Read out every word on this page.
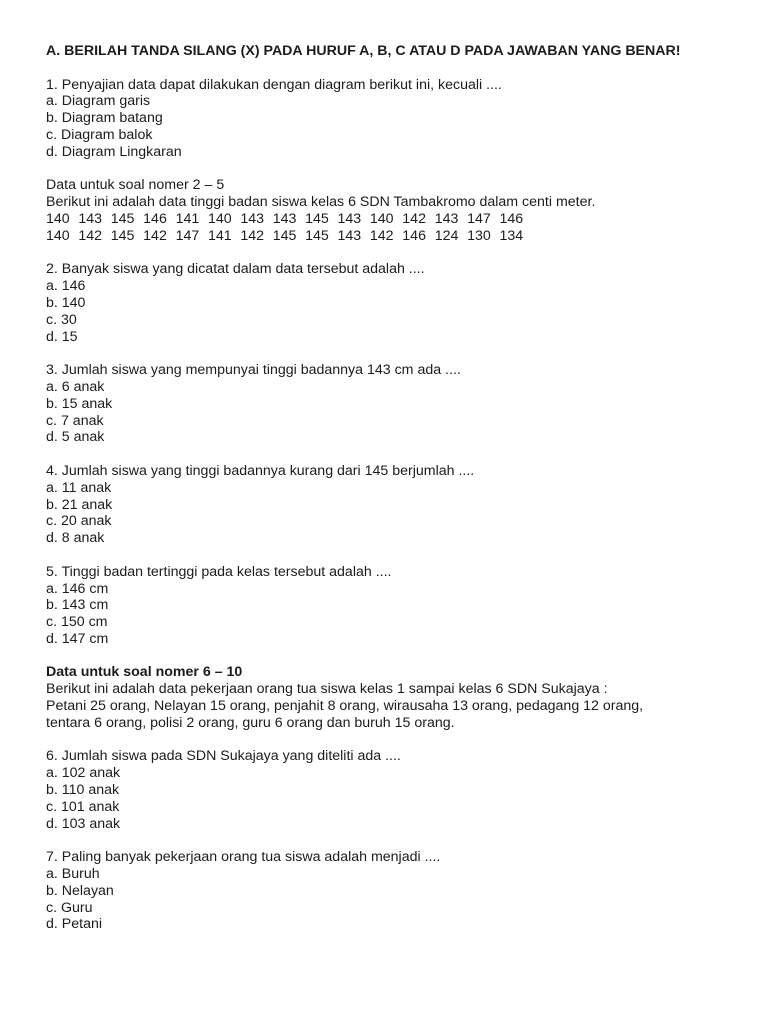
A. BERILAH TANDA SILANG (X) PADA HURUF A, B, C ATAU D PADA JAWABAN YANG BENAR!

1. Penyajian data dapat dilakukan dengan diagram berikut ini, kecuali ....
a. Diagram garis
b. Diagram batang
c. Diagram balok
d. Diagram Lingkaran
Data untuk soal nomer 2 – 5
Berikut ini adalah data tinggi badan siswa kelas 6 SDN Tambakromo dalam centi meter.
140 143 145 146 141 140 143 143 145 143 140 142 143 147 146
140 142 145 142 147 141 142 145 145 143 142 146 124 130 134
2. Banyak siswa yang dicatat dalam data tersebut adalah ....
a. 146
b. 140
c. 30
d. 15
3. Jumlah siswa yang mempunyai tinggi badannya 143 cm ada ....
a. 6 anak
b. 15 anak
c. 7 anak
d. 5 anak
4. Jumlah siswa yang tinggi badannya kurang dari 145 berjumlah ....
a. 11 anak
b. 21 anak
c. 20 anak
d. 8 anak
5. Tinggi badan tertinggi pada kelas tersebut adalah ....
a. 146 cm
b. 143 cm
c. 150 cm
d. 147 cm
Data untuk soal nomer 6 – 10
Berikut ini adalah data pekerjaan orang tua siswa kelas 1 sampai kelas 6 SDN Sukajaya :
Petani 25 orang, Nelayan 15 orang, penjahit 8 orang, wirausaha 13 orang, pedagang 12 orang,
tentara 6 orang, polisi 2 orang, guru 6 orang dan buruh 15 orang.
6. Jumlah siswa pada SDN Sukajaya yang diteliti ada ....
a. 102 anak
b. 110 anak
c. 101 anak
d. 103 anak
7. Paling banyak pekerjaan orang tua siswa adalah menjadi ....
a. Buruh
b. Nelayan
c. Guru
d. Petani
